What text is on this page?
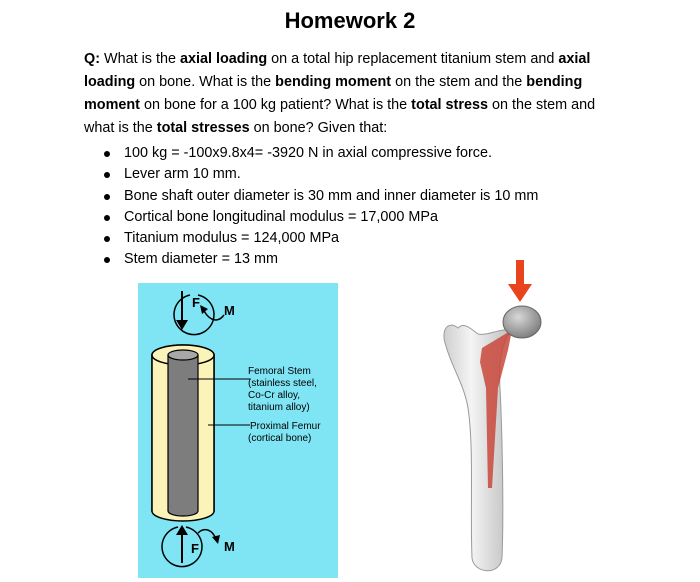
Homework 2
Q: What is the axial loading on a total hip replacement titanium stem and axial loading on bone. What is the bending moment on the stem and the bending moment on bone for a 100 kg patient? What is the total stress on the stem and what is the total stresses on bone? Given that:
100 kg = -100x9.8x4= -3920 N in axial compressive force.
Lever arm 10 mm.
Bone shaft outer diameter is 30 mm and inner diameter is 10 mm
Cortical bone longitudinal modulus = 17,000 MPa
Titanium modulus = 124,000 MPa
Stem diameter = 13 mm
F
M
Femoral Stem
(stainless steel,
Co-Cr alloy,
titanium alloy)
Proximal Femur
(cortical bone)
F M
